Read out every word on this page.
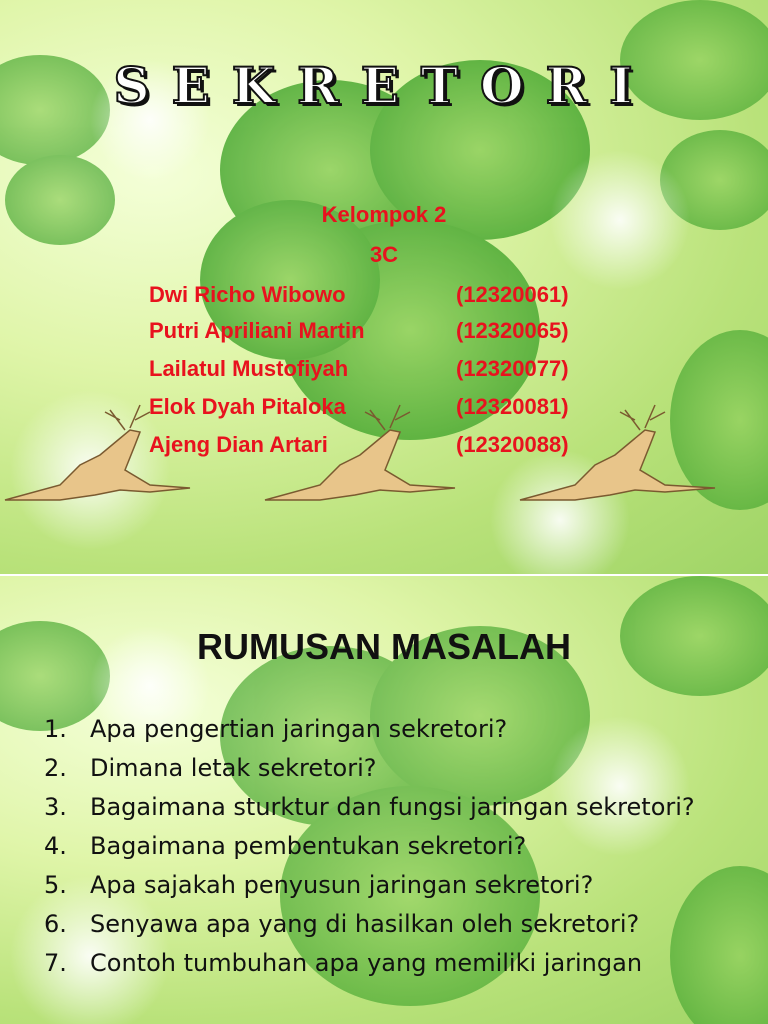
SEKRETORI
Kelompok 2
3C
Dwi Richo Wibowo	(12320061)
Putri Apriliani Martin	(12320065)
Lailatul Mustofiyah	(12320077)
Elok Dyah Pitaloka	(12320081)
Ajeng Dian Artari	(12320088)
RUMUSAN MASALAH
1. Apa pengertian jaringan sekretori?
2. Dimana letak sekretori?
3. Bagaimana sturktur dan fungsi jaringan sekretori?
4. Bagaimana pembentukan sekretori?
5. Apa sajakah penyusun jaringan sekretori?
6. Senyawa apa yang di hasilkan oleh sekretori?
7. Contoh tumbuhan apa yang memiliki jaringan
